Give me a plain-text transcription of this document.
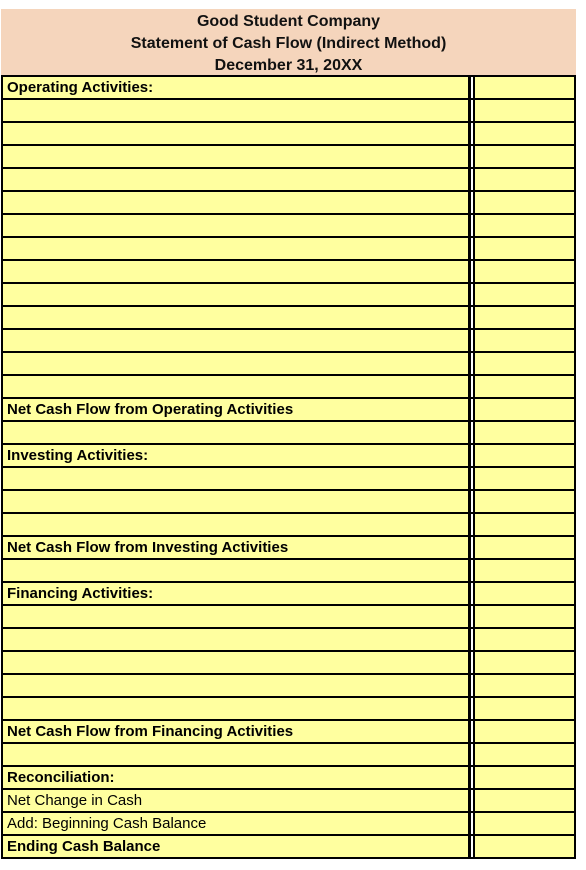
Good Student Company
Statement of Cash Flow (Indirect Method)
December 31, 20XX
Operating Activities:
Net Cash Flow from Operating Activities
Investing Activities:
Net Cash Flow from Investing Activities
Financing Activities:
Net Cash Flow from Financing Activities
Reconciliation:
Net Change in Cash
Add: Beginning Cash Balance
Ending Cash Balance
